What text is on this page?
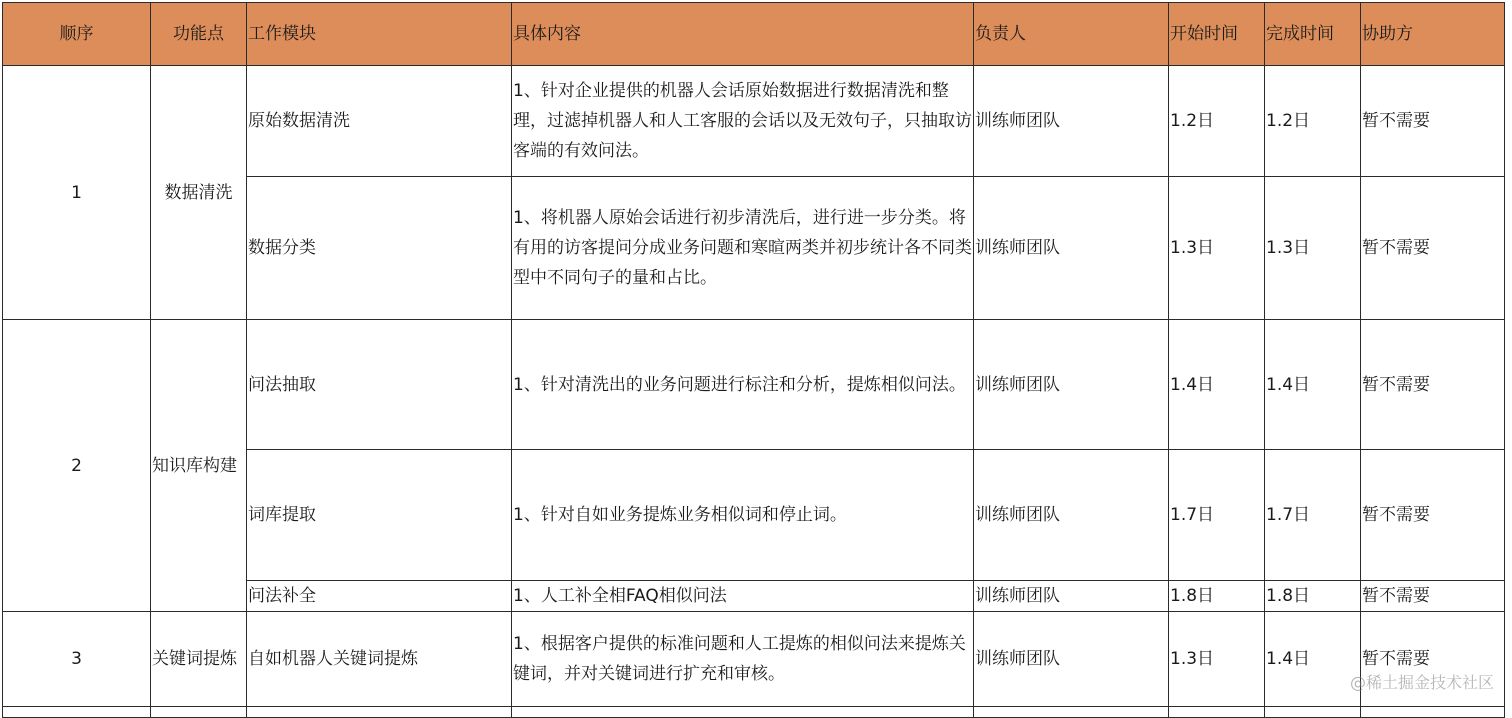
顺序	功能点	工作模块	具体内容	负责人	开始时间	完成时间	协助方
1	数据清洗	原始数据清洗	1、针对企业提供的机器人会话原始数据进行数据清洗和整理，过滤掉机器人和人工客服的会话以及无效句子，只抽取访客端的有效问法。	训练师团队	1.2日	1.2日	暂不需要
		数据分类	1、将机器人原始会话进行初步清洗后，进行进一步分类。将有用的访客提问分成业务问题和寒暄两类并初步统计各不同类型中不同句子的量和占比。	训练师团队	1.3日	1.3日	暂不需要
2	知识库构建	问法抽取	1、针对清洗出的业务问题进行标注和分析，提炼相似问法。	训练师团队	1.4日	1.4日	暂不需要
		词库提取	1、针对自如业务提炼业务相似词和停止词。	训练师团队	1.7日	1.7日	暂不需要
		问法补全	1、人工补全相FAQ相似问法	训练师团队	1.8日	1.8日	暂不需要
3	关键词提炼	自如机器人关键词提炼	1、根据客户提供的标准问题和人工提炼的相似问法来提炼关键词，并对关键词进行扩充和审核。	训练师团队	1.3日	1.4日	暂不需要

@稀土掘金技术社区
